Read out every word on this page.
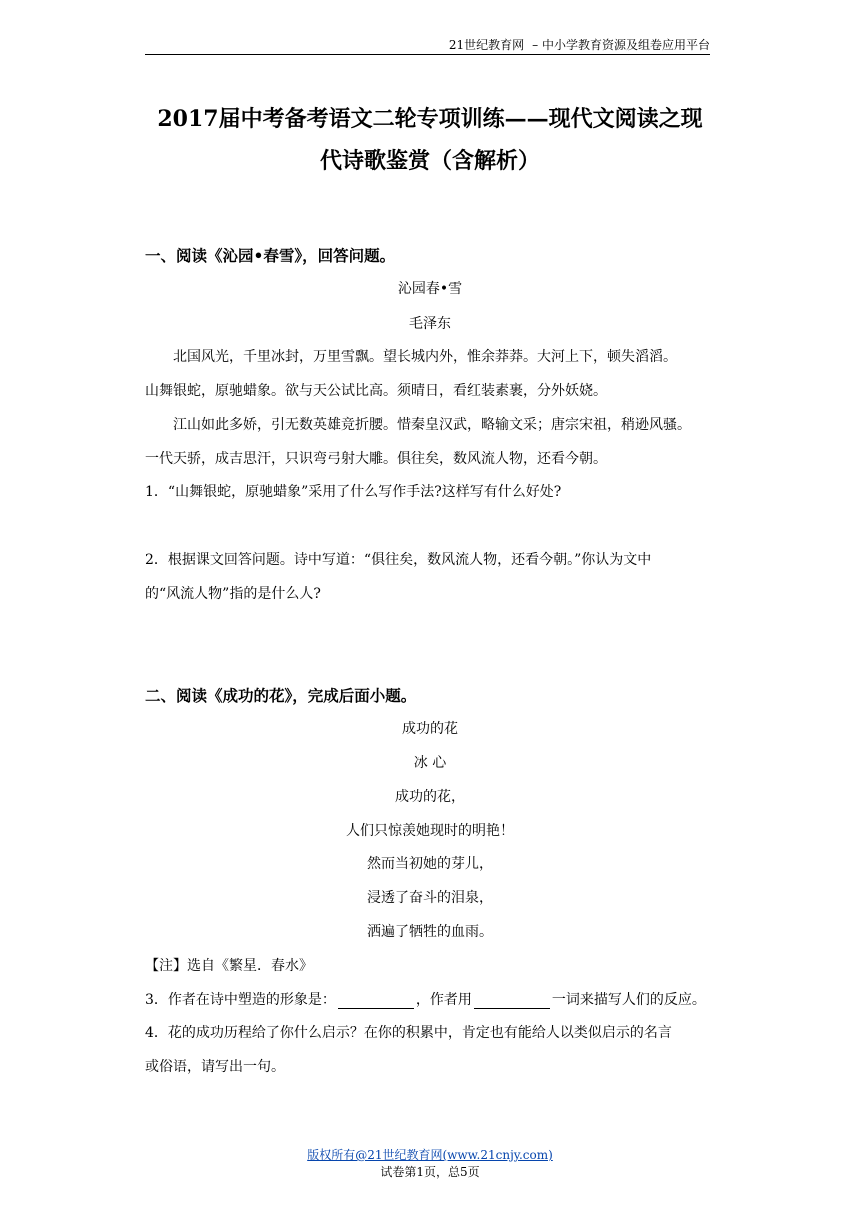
21世纪教育网 – 中小学教育资源及组卷应用平台
2017届中考备考语文二轮专项训练——现代文阅读之现
代诗歌鉴赏（含解析）
一、阅读《沁园•春雪》，回答问题。
沁园春•雪
毛泽东
北国风光，千里冰封，万里雪飘。望长城内外，惟余莽莽。大河上下，顿失滔滔。
山舞银蛇，原驰蜡象。欲与天公试比高。须晴日，看红装素裹，分外妖娆。
江山如此多娇，引无数英雄竞折腰。惜秦皇汉武，略输文采；唐宗宋祖，稍逊风骚。
一代天骄，成吉思汗，只识弯弓射大雕。俱往矣，数风流人物，还看今朝。
1．“山舞银蛇，原驰蜡象”采用了什么写作手法?这样写有什么好处?
2．根据课文回答问题。诗中写道：“俱往矣，数风流人物，还看今朝。”你认为文中
的“风流人物”指的是什么人?
二、阅读《成功的花》，完成后面小题。
成功的花
冰 心
成功的花，
人们只惊羡她现时的明艳！
然而当初她的芽儿，
浸透了奋斗的泪泉，
洒遍了牺牲的血雨。
【注】选自《繁星．春水》
3．作者在诗中塑造的形象是：	，作者用	一词来描写人们的反应。
4．花的成功历程给了你什么启示？在你的积累中，肯定也有能给人以类似启示的名言
或俗语，请写出一句。
版权所有@21世纪教育网(www.21cnjy.com)
试卷第1页，总5页
